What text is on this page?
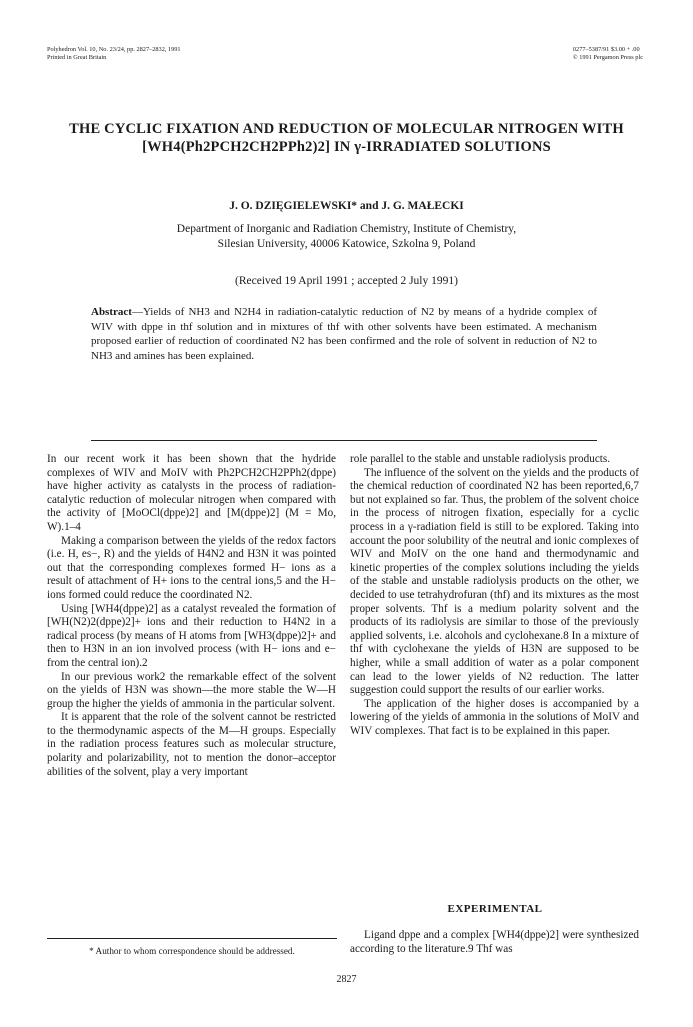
Polyhedron Vol. 10, No. 23/24, pp. 2827–2832, 1991
Printed in Great Britain
0277–5387/91 $3.00 + .00
© 1991 Pergamon Press plc
THE CYCLIC FIXATION AND REDUCTION OF MOLECULAR NITROGEN WITH [WH4(Ph2PCH2CH2PPh2)2] IN γ-IRRADIATED SOLUTIONS
J. O. DZIĘGIELEWSKI* and J. G. MAŁECKI
Department of Inorganic and Radiation Chemistry, Institute of Chemistry,
Silesian University, 40006 Katowice, Szkolna 9, Poland
(Received 19 April 1991 ; accepted 2 July 1991)
Abstract—Yields of NH3 and N2H4 in radiation-catalytic reduction of N2 by means of a hydride complex of WIV with dppe in thf solution and in mixtures of thf with other solvents have been estimated. A mechanism proposed earlier of reduction of coordinated N2 has been confirmed and the role of solvent in reduction of N2 to NH3 and amines has been explained.

In our recent work it has been shown that the hydride complexes of WIV and MoIV with Ph2PCH2CH2PPh2(dppe) have higher activity as catalysts in the process of radiation-catalytic reduction of molecular nitrogen when compared with the activity of [MoOCl(dppe)2] and [M(dppe)2] (M = Mo, W).1–4

Making a comparison between the yields of the redox factors (i.e. H, es−, R) and the yields of H4N2 and H3N it was pointed out that the corresponding complexes formed H− ions as a result of attachment of H+ ions to the central ions,5 and the H− ions formed could reduce the coordinated N2.

Using [WH4(dppe)2] as a catalyst revealed the formation of [WH(N2)2(dppe)2]+ ions and their reduction to H4N2 in a radical process (by means of H atoms from [WH3(dppe)2]+ and then to H3N in an ion involved process (with H− ions and e− from the central ion).2

In our previous work2 the remarkable effect of the solvent on the yields of H3N was shown—the more stable the W—H group the higher the yields of ammonia in the particular solvent.

It is apparent that the role of the solvent cannot be restricted to the thermodynamic aspects of the M—H groups. Especially in the radiation process features such as molecular structure, polarity and polarizability, not to mention the donor–acceptor abilities of the solvent, play a very important

role parallel to the stable and unstable radiolysis products.

The influence of the solvent on the yields and the products of the chemical reduction of coordinated N2 has been reported,6,7 but not explained so far. Thus, the problem of the solvent choice in the process of nitrogen fixation, especially for a cyclic process in a γ-radiation field is still to be explored. Taking into account the poor solubility of the neutral and ionic complexes of WIV and MoIV on the one hand and thermodynamic and kinetic properties of the complex solutions including the yields of the stable and unstable radiolysis products on the other, we decided to use tetrahydrofuran (thf) and its mixtures as the most proper solvents. Thf is a medium polarity solvent and the products of its radiolysis are similar to those of the previously applied solvents, i.e. alcohols and cyclohexane.8 In a mixture of thf with cyclohexane the yields of H3N are supposed to be higher, while a small addition of water as a polar component can lead to the lower yields of N2 reduction. The latter suggestion could support the results of our earlier works.

The application of the higher doses is accompanied by a lowering of the yields of ammonia in the solutions of MoIV and WIV complexes. That fact is to be explained in this paper.

EXPERIMENTAL

Ligand dppe and a complex [WH4(dppe)2] were synthesized according to the literature.9 Thf was

* Author to whom correspondence should be addressed.
2827
